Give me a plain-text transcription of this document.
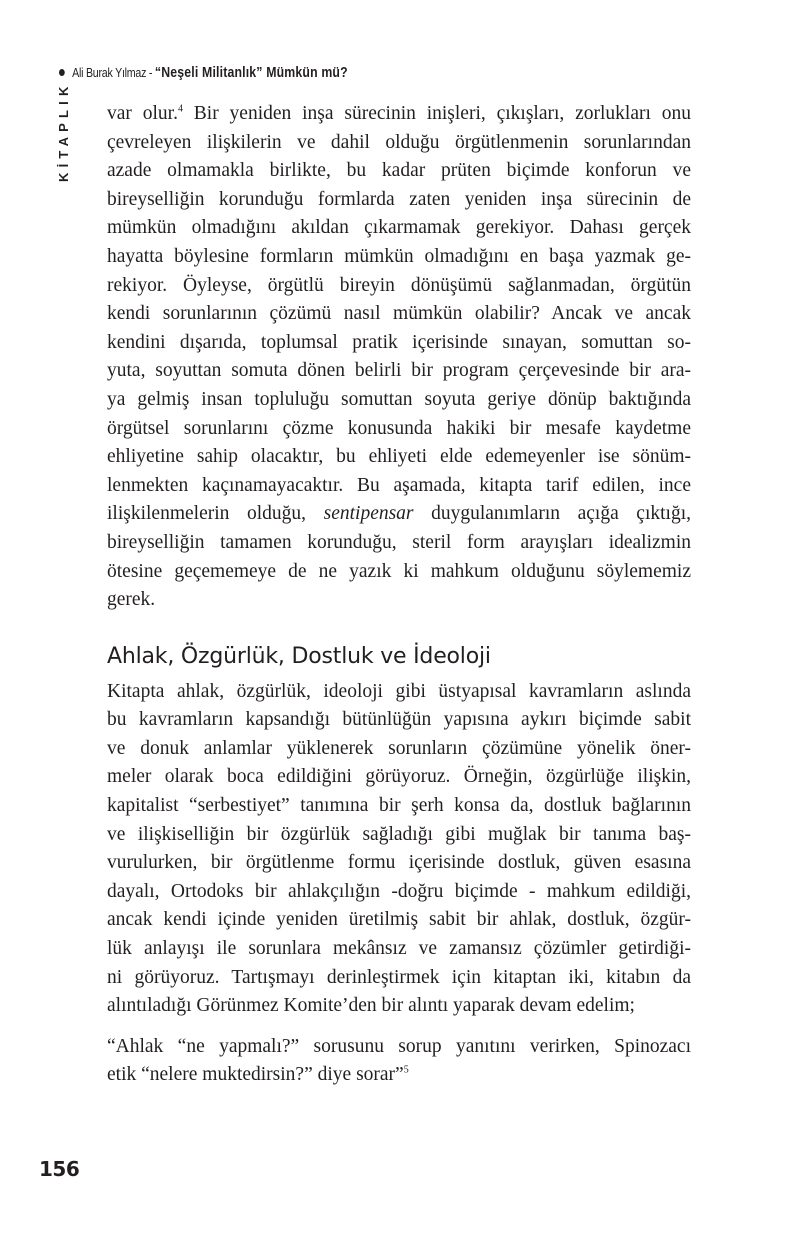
Ali Burak Yılmaz - “Neşeli Militanlık” Mümkün mü?
KİTAPLIK var olur.$^4$ Bir yeniden inşa sürecinin inişleri, çıkışları, zorlukları onu
çevreleyen ilişkilerin ve dahil olduğu örgütlenmenin sorunlarından
azade olmamakla birlikte, bu kadar prüten biçimde konforun ve
bireyselliğin korunduğu formlarda zaten yeniden inşa sürecinin de
mümkün olmadığını akıldan çıkarmamak gerekiyor. Dahası gerçek
hayatta böylesine formların mümkün olmadığını en başa yazmak ge-
rekiyor. Öyleyse, örgütlü bireyin dönüşümü sağlanmadan, örgütün
kendi sorunlarının çözümü nasıl mümkün olabilir? Ancak ve ancak
kendini dışarıda, toplumsal pratik içerisinde sınayan, somuttan so-
yuta, soyuttan somuta dönen belirli bir program çerçevesinde bir ara-
ya gelmiş insan topluluğu somuttan soyuta geriye dönüp baktığında
örgütsel sorunlarını çözme konusunda hakiki bir mesafe kaydetme
ehliyetine sahip olacaktır, bu ehliyeti elde edemeyenler ise sönüm-
lenmekten kaçınamayacaktır. Bu aşamada, kitapta tarif edilen, ince
ilişkilenmelerin olduğu, sentipensar duygulanımların açığa çıktığı,
bireyselliğin tamamen korunduğu, steril form arayışları idealizmin
ötesine geçememeye de ne yazık ki mahkum olduğunu söylememiz
gerek.

Ahlak, Özgürlük, Dostluk ve İdeoloji

Kitapta ahlak, özgürlük, ideoloji gibi üstyapısal kavramların aslında
bu kavramların kapsandığı bütünlüğün yapısına aykırı biçimde sabit
ve donuk anlamlar yüklenerek sorunların çözümüne yönelik öner-
meler olarak boca edildiğini görüyoruz. Örneğin, özgürlüğe ilişkin,
kapitalist “serbestiyet” tanımına bir şerh konsa da, dostluk bağlarının
ve ilişkiselliğin bir özgürlük sağladığı gibi muğlak bir tanıma baş-
vurulurken, bir örgütlenme formu içerisinde dostluk, güven esasına
dayalı, Ortodoks bir ahlakçılığın -doğru biçimde - mahkum edildiği,
ancak kendi içinde yeniden üretilmiş sabit bir ahlak, dostluk, özgür-
lük anlayışı ile sorunlara mekânsız ve zamansız çözümler getirdiği-
ni görüyoruz. Tartışmayı derinleştirmek için kitaptan iki, kitabın da
alıntıladığı Görünmez Komite’den bir alıntı yaparak devam edelim;

“Ahlak “ne yapmalı?” sorusunu sorup yanıtını verirken, Spinozacı
etik “nelere muktedirsin?” diye sorar”$^5$

156
